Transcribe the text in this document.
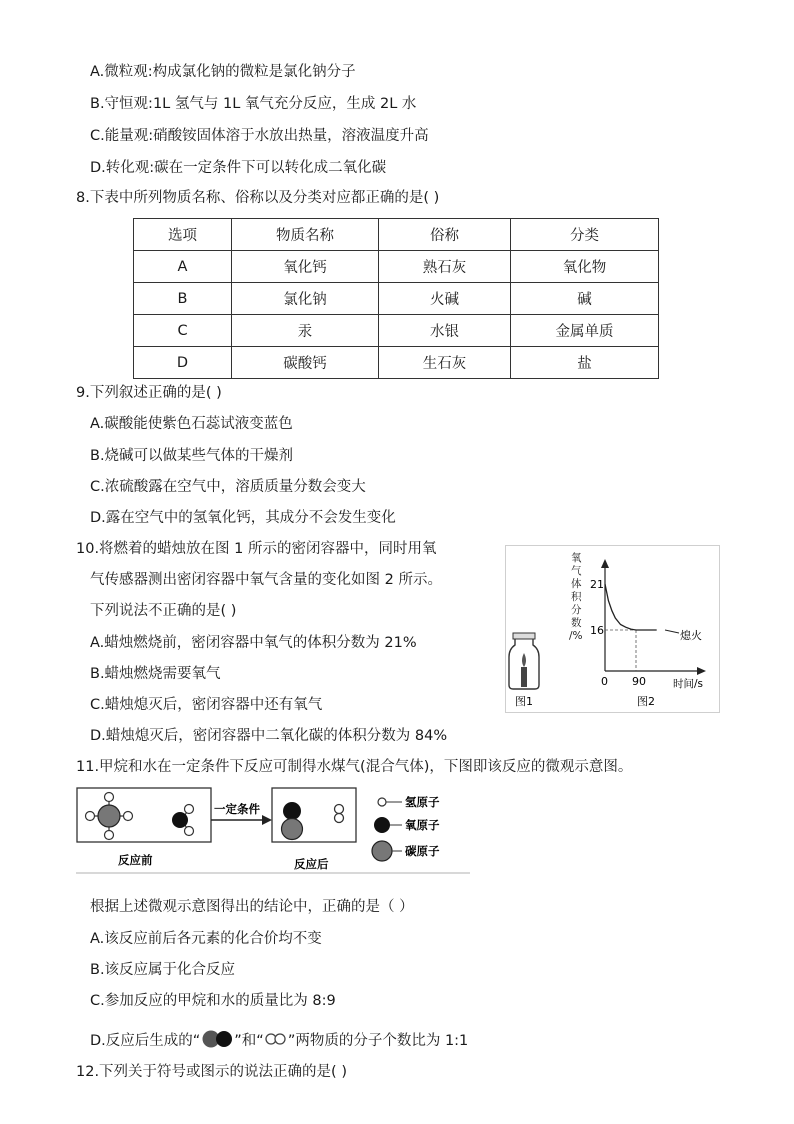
A.微粒观:构成氯化钠的微粒是氯化钠分子
B.守恒观:1L 氢气与 1L 氧气充分反应，生成 2L 水
C.能量观:硝酸铵固体溶于水放出热量，溶液温度升高
D.转化观:碳在一定条件下可以转化成二氧化碳
8.下表中所列物质名称、俗称以及分类对应都正确的是( )
选项	物质名称	俗称	分类
A	氧化钙	熟石灰	氧化物
B	氯化钠	火碱	碱
C	汞	水银	金属单质
D	碳酸钙	生石灰	盐
9.下列叙述正确的是( )
A.碳酸能使紫色石蕊试液变蓝色
B.烧碱可以做某些气体的干燥剂
C.浓硫酸露在空气中，溶质质量分数会变大
D.露在空气中的氢氧化钙，其成分不会发生变化
10.将燃着的蜡烛放在图 1 所示的密闭容器中，同时用氧
气传感器测出密闭容器中氧气含量的变化如图 2 所示。
下列说法不正确的是( )
A.蜡烛燃烧前，密闭容器中氧气的体积分数为 21%
B.蜡烛燃烧需要氧气
C.蜡烛熄灭后，密闭容器中还有氧气
D.蜡烛熄灭后，密闭容器中二氧化碳的体积分数为 84%
图1
氧
气
体
积
分
数
/%
21
16
0 90
熄火
时间/s
图2
11.甲烷和水在一定条件下反应可制得水煤气(混合气体)，下图即该反应的微观示意图。
一定条件
反应前	反应后
氢原子
氧原子
碳原子
根据上述微观示意图得出的结论中，正确的是（ ）
A.该反应前后各元素的化合价均不变
B.该反应属于化合反应
C.参加反应的甲烷和水的质量比为 8:9
D.反应后生成的“ ”和“ ”两物质的分子个数比为 1:1
12.下列关于符号或图示的说法正确的是( )
